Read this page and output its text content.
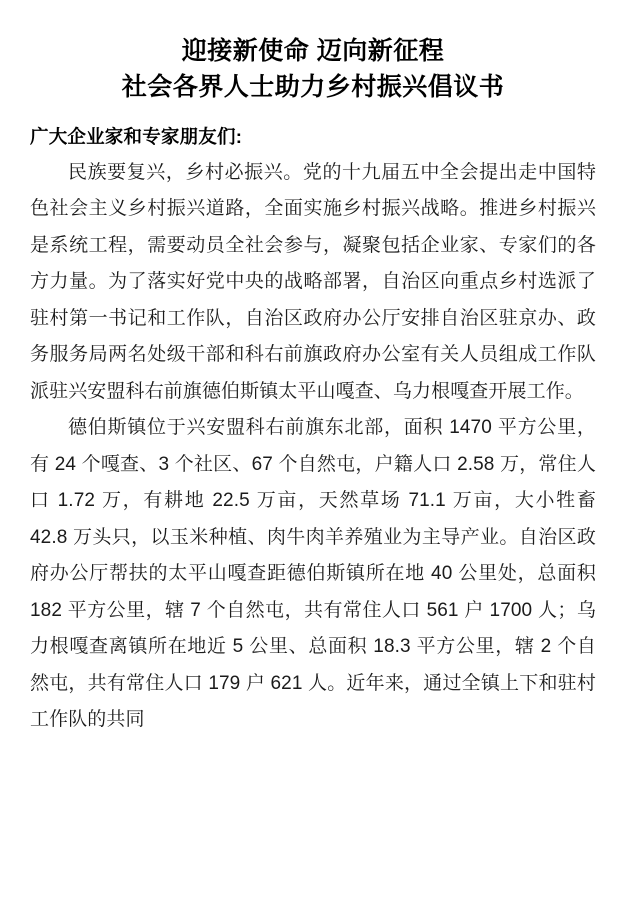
迎接新使命 迈向新征程
社会各界人士助力乡村振兴倡议书
广大企业家和专家朋友们:

民族要复兴，乡村必振兴。党的十九届五中全会提出走中国特色社会主义乡村振兴道路，全面实施乡村振兴战略。推进乡村振兴是系统工程，需要动员全社会参与，凝聚包括企业家、专家们的各方力量。为了落实好党中央的战略部署，自治区向重点乡村选派了驻村第一书记和工作队，自治区政府办公厅安排自治区驻京办、政务服务局两名处级干部和科右前旗政府办公室有关人员组成工作队派驻兴安盟科右前旗德伯斯镇太平山嘎查、乌力根嘎查开展工作。

德伯斯镇位于兴安盟科右前旗东北部，面积 1470 平方公里，有 24 个嘎查、3 个社区、67 个自然屯，户籍人口 2.58 万，常住人口 1.72 万，有耕地 22.5 万亩，天然草场 71.1 万亩，大小牲畜 42.8 万头只，以玉米种植、肉牛肉羊养殖业为主导产业。自治区政府办公厅帮扶的太平山嘎查距德伯斯镇所在地 40 公里处，总面积 182 平方公里，辖 7 个自然屯，共有常住人口 561 户 1700 人；乌力根嘎查离镇所在地近 5 公里、总面积 18.3 平方公里，辖 2 个自然屯，共有常住人口 179 户 621 人。近年来，通过全镇上下和驻村工作队的共同
